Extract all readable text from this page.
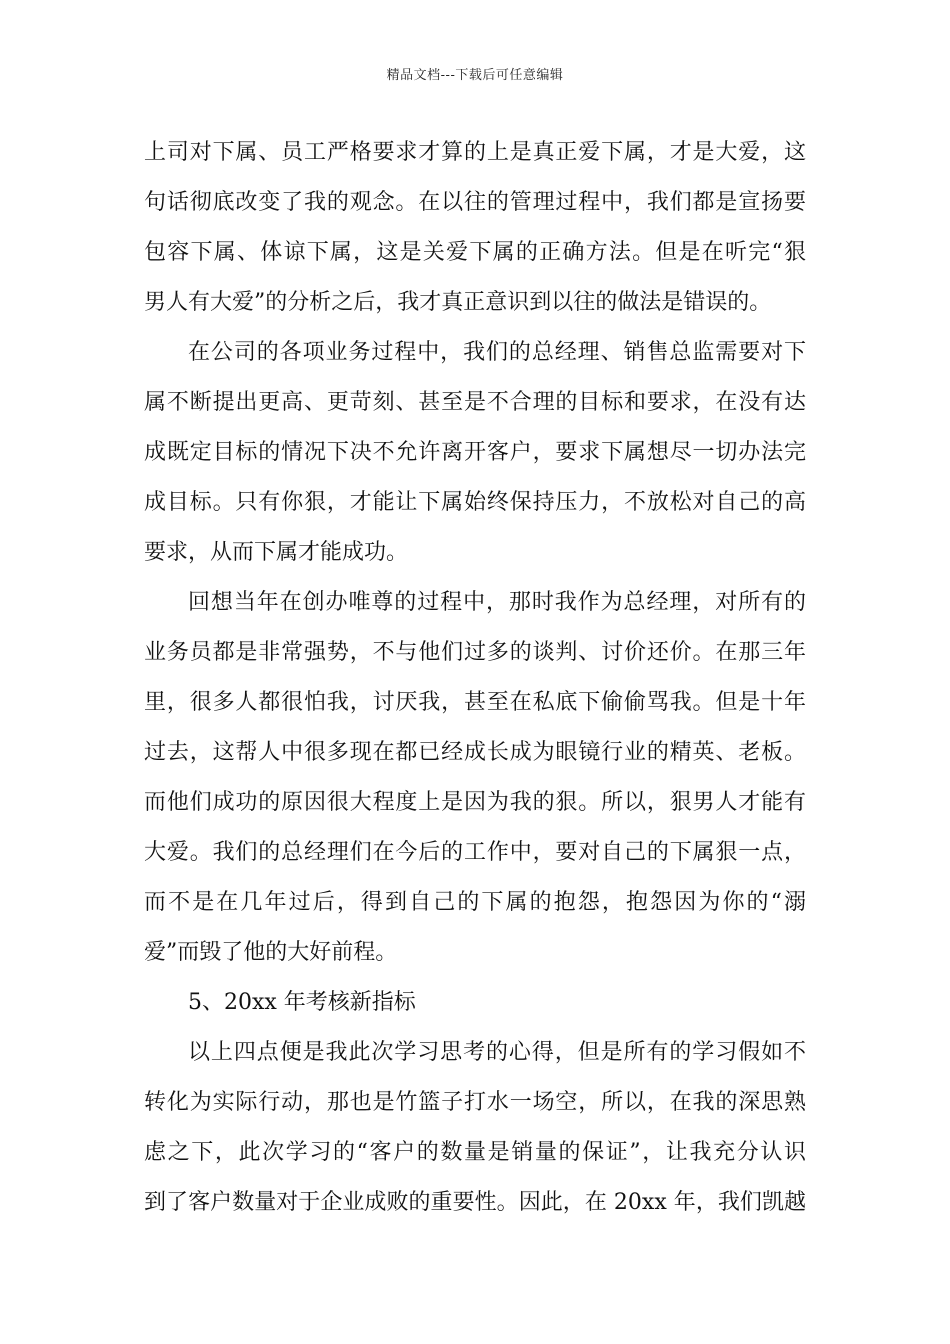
精品文档---下载后可任意编辑
上司对下属、员工严格要求才算的上是真正爱下属，才是大爱，这
句话彻底改变了我的观念。在以往的管理过程中，我们都是宣扬要
包容下属、体谅下属，这是关爱下属的正确方法。但是在听完“狠
男人有大爱”的分析之后，我才真正意识到以往的做法是错误的。
在公司的各项业务过程中，我们的总经理、销售总监需要对下
属不断提出更高、更苛刻、甚至是不合理的目标和要求，在没有达
成既定目标的情况下决不允许离开客户，要求下属想尽一切办法完
成目标。只有你狠，才能让下属始终保持压力，不放松对自己的高
要求，从而下属才能成功。
回想当年在创办唯尊的过程中，那时我作为总经理，对所有的
业务员都是非常强势，不与他们过多的谈判、讨价还价。在那三年
里，很多人都很怕我，讨厌我，甚至在私底下偷偷骂我。但是十年
过去，这帮人中很多现在都已经成长成为眼镜行业的精英、老板。
而他们成功的原因很大程度上是因为我的狠。所以，狠男人才能有
大爱。我们的总经理们在今后的工作中，要对自己的下属狠一点，
而不是在几年过后，得到自己的下属的抱怨，抱怨因为你的“溺
爱”而毁了他的大好前程。
5、20xx 年考核新指标
以上四点便是我此次学习思考的心得，但是所有的学习假如不
转化为实际行动，那也是竹篮子打水一场空，所以，在我的深思熟
虑之下，此次学习的“客户的数量是销量的保证”，让我充分认识
到了客户数量对于企业成败的重要性。因此，在 20xx 年，我们凯越
